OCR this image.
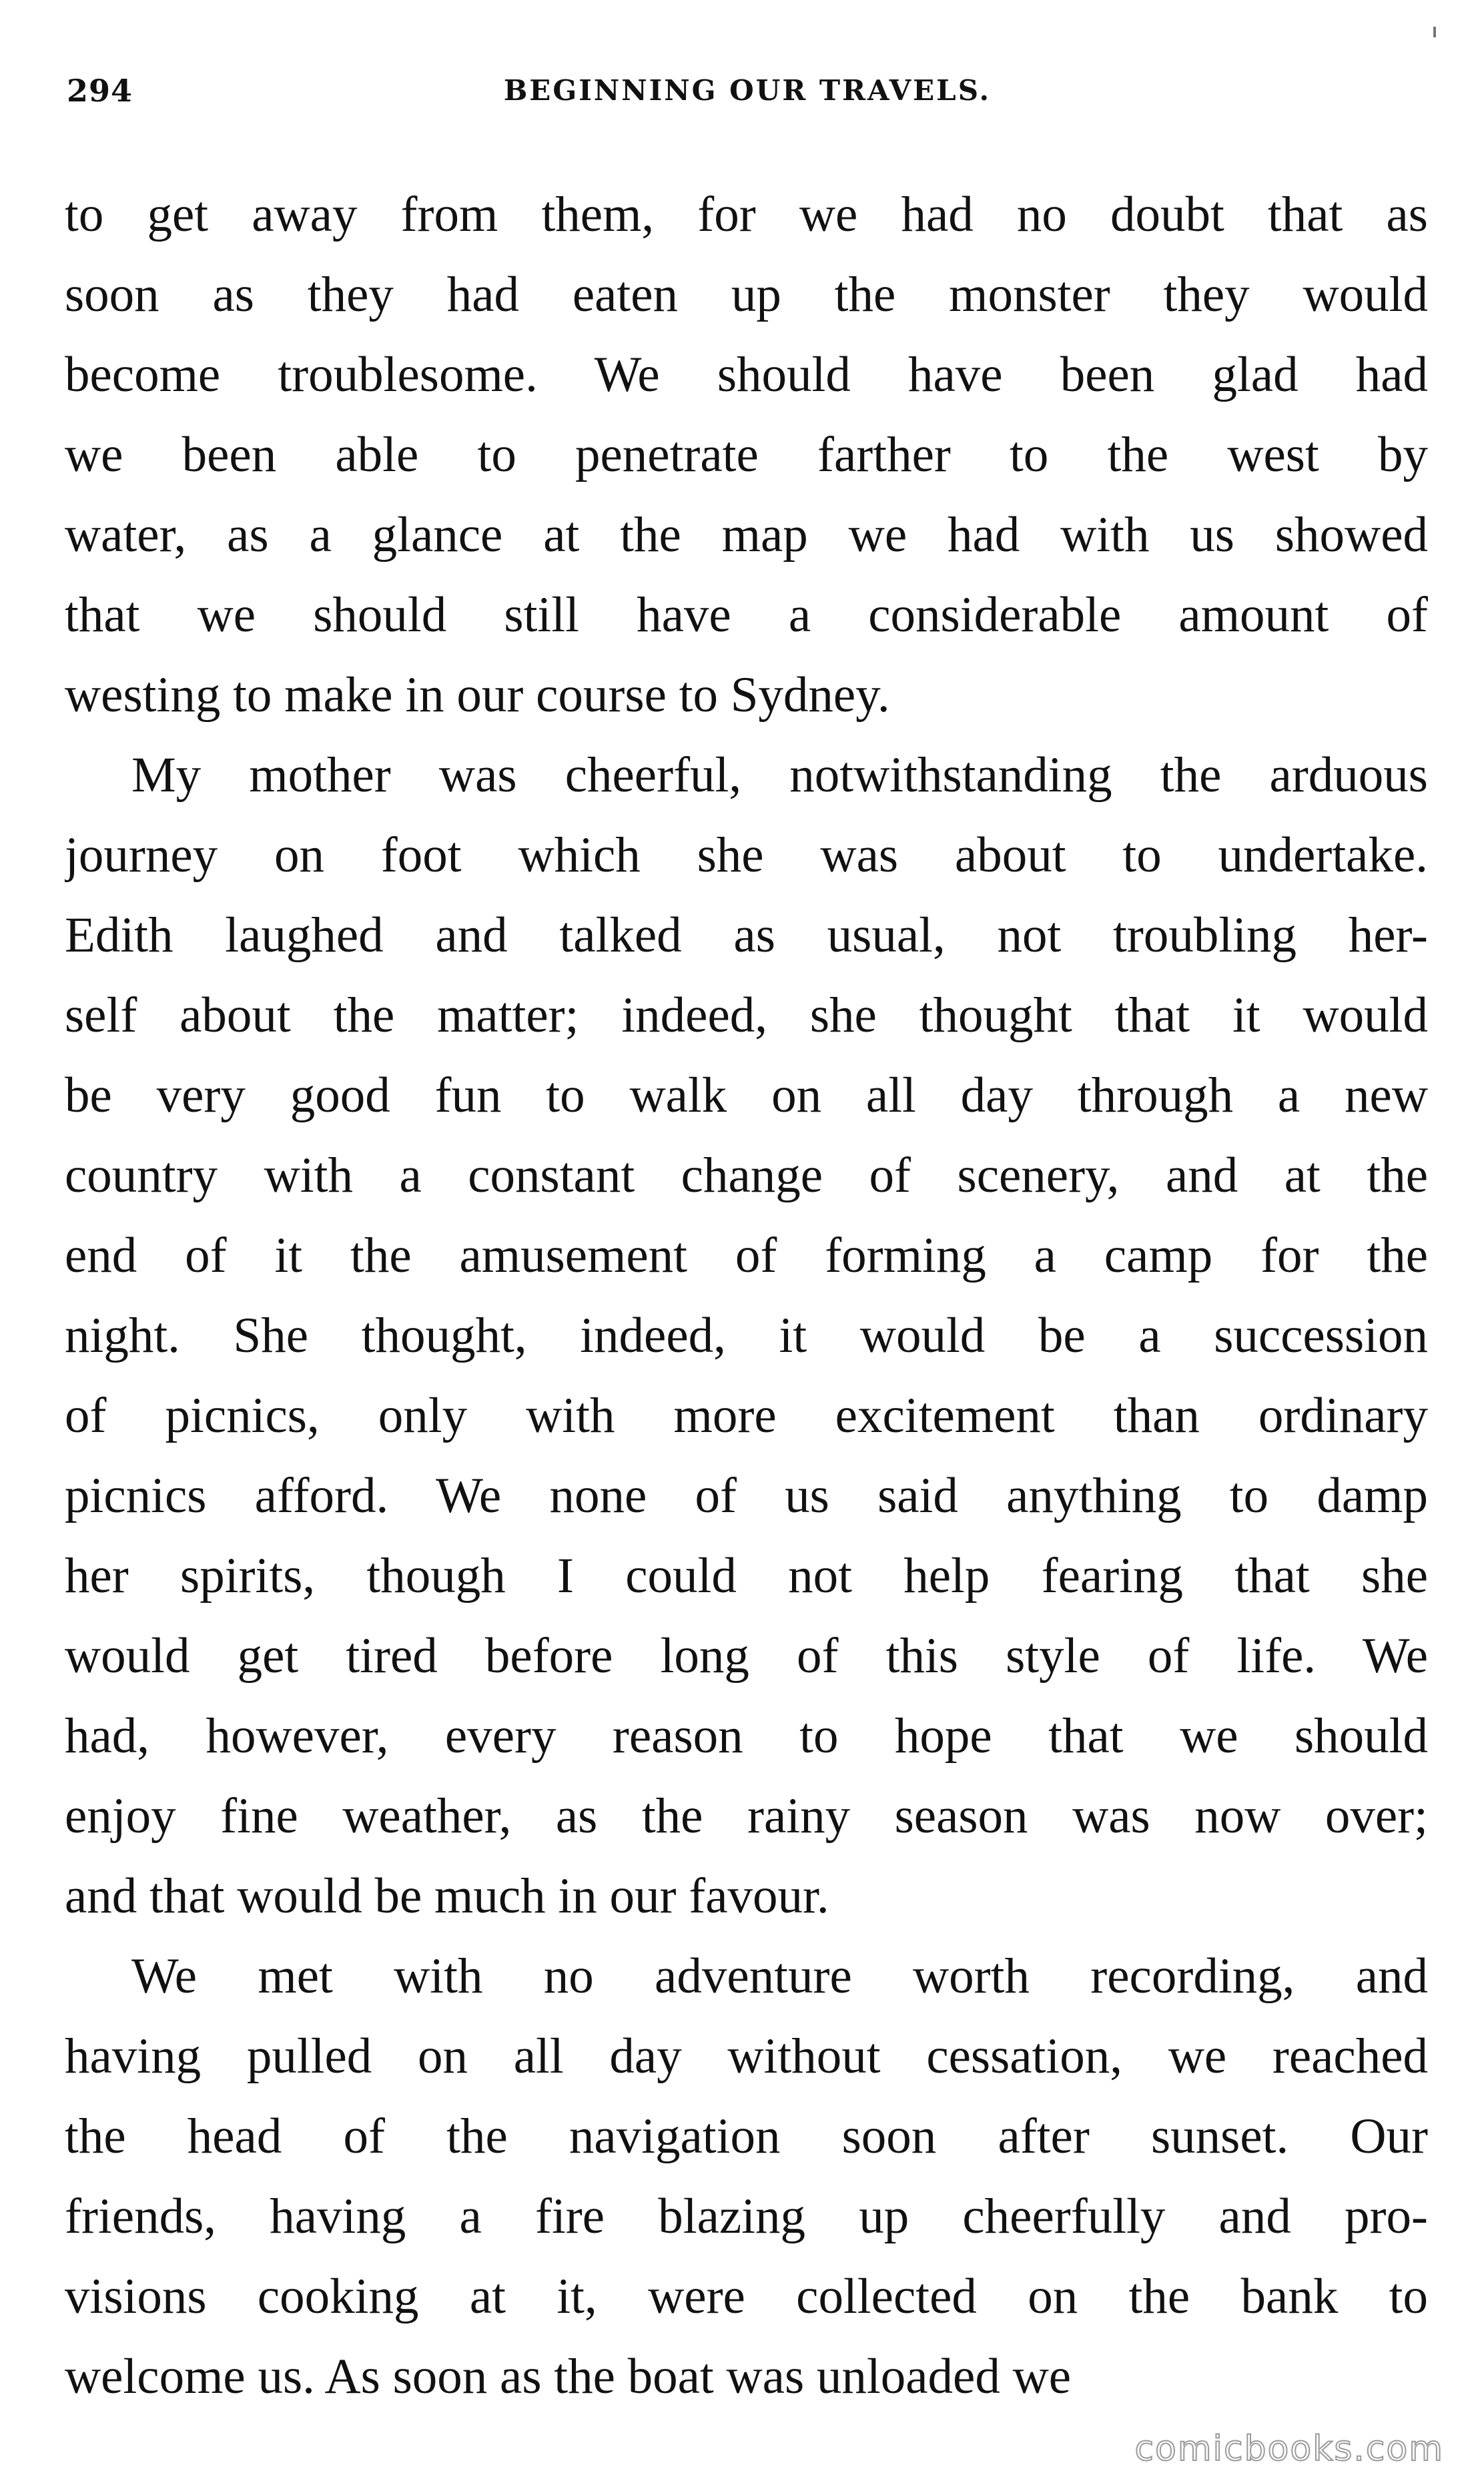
294	BEGINNING OUR TRAVELS.
to get away from them, for we had no doubt that as
soon as they had eaten up the monster they would
become troublesome. We should have been glad had
we been able to penetrate farther to the west by
water, as a glance at the map we had with us showed
that we should still have a considerable amount of
westing to make in our course to Sydney.
My mother was cheerful, notwithstanding the arduous
journey on foot which she was about to undertake.
Edith laughed and talked as usual, not troubling her-
self about the matter; indeed, she thought that it would
be very good fun to walk on all day through a new
country with a constant change of scenery, and at the
end of it the amusement of forming a camp for the
night. She thought, indeed, it would be a succession
of picnics, only with more excitement than ordinary
picnics afford. We none of us said anything to damp
her spirits, though I could not help fearing that she
would get tired before long of this style of life. We
had, however, every reason to hope that we should
enjoy fine weather, as the rainy season was now over;
and that would be much in our favour.
We met with no adventure worth recording, and
having pulled on all day without cessation, we reached
the head of the navigation soon after sunset. Our
friends, having a fire blazing up cheerfully and pro-
visions cooking at it, were collected on the bank to
welcome us. As soon as the boat was unloaded we
comicbooks.com
